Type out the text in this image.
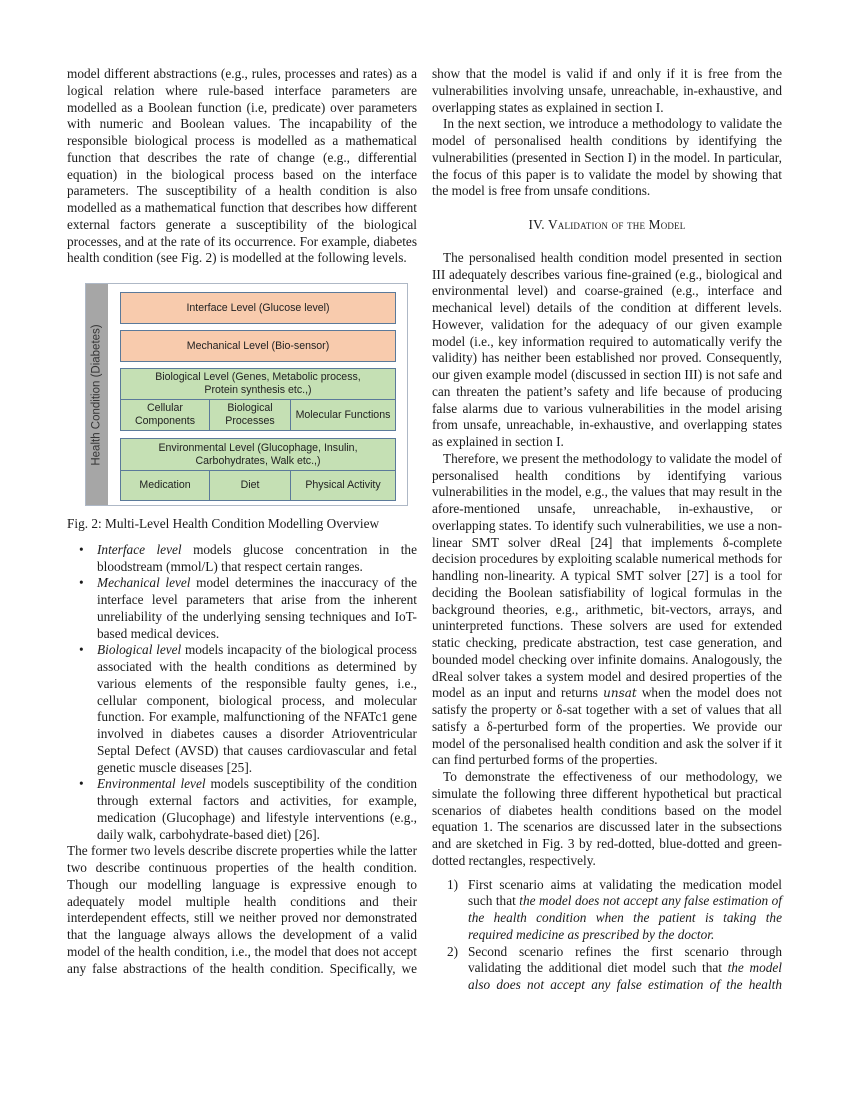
model different abstractions (e.g., rules, processes and rates) as a logical relation where rule-based interface parameters are modelled as a Boolean function (i.e, predicate) over parameters with numeric and Boolean values. The incapability of the responsible biological process is modelled as a mathematical function that describes the rate of change (e.g., differential equation) in the biological process based on the interface parameters. The susceptibility of a health condition is also modelled as a mathematical function that describes how different external factors generate a susceptibility of the biological processes, and at the rate of its occurrence. For example, diabetes health condition (see Fig. 2) is modelled at the following levels.

Health Condition (Diabetes)
Interface Level (Glucose level)
Mechanical Level (Bio-sensor)
Biological Level (Genes, Metabolic process, Protein synthesis etc.,)
Cellular Components
Biological Processes
Molecular Functions
Environmental Level (Glucophage, Insulin, Carbohydrates, Walk etc.,)
Medication	Diet	Physical Activity

Fig. 2: Multi-Level Health Condition Modelling Overview

• Interface level models glucose concentration in the bloodstream (mmol/L) that respect certain ranges.
• Mechanical level model determines the inaccuracy of the interface level parameters that arise from the inherent unreliability of the underlying sensing techniques and IoT-based medical devices.
• Biological level models incapacity of the biological process associated with the health conditions as determined by various elements of the responsible faulty genes, i.e., cellular component, biological process, and molecular function. For example, malfunctioning of the NFATc1 gene involved in diabetes causes a disorder Atrioventricular Septal Defect (AVSD) that causes cardiovascular and fetal genetic muscle diseases [25].
• Environmental level models susceptibility of the condition through external factors and activities, for example, medication (Glucophage) and lifestyle interventions (e.g., daily walk, carbohydrate-based diet) [26].

The former two levels describe discrete properties while the latter two describe continuous properties of the health condition. Though our modelling language is expressive enough to adequately model multiple health conditions and their interdependent effects, still we neither proved nor demonstrated that the language always allows the development of a valid model of the health condition, i.e., the model that does not accept any false abstractions of the health condition. Specifically, we

show that the model is valid if and only if it is free from the vulnerabilities involving unsafe, unreachable, in-exhaustive, and overlapping states as explained in section I.

In the next section, we introduce a methodology to validate the model of personalised health conditions by identifying the vulnerabilities (presented in Section I) in the model. In particular, the focus of this paper is to validate the model by showing that the model is free from unsafe conditions.

IV. Validation of the Model

The personalised health condition model presented in section III adequately describes various fine-grained (e.g., biological and environmental level) and coarse-grained (e.g., interface and mechanical level) details of the condition at different levels. However, validation for the adequacy of our given example model (i.e., key information required to automatically verify the validity) has neither been established nor proved. Consequently, our given example model (discussed in section III) is not safe and can threaten the patient’s safety and life because of producing false alarms due to various vulnerabilities in the model arising from unsafe, unreachable, in-exhaustive, and overlapping states as explained in section I.

Therefore, we present the methodology to validate the model of personalised health conditions by identifying various vulnerabilities in the model, e.g., the values that may result in the afore-mentioned unsafe, unreachable, in-exhaustive, or overlapping states. To identify such vulnerabilities, we use a non-linear SMT solver dReal [24] that implements δ-complete decision procedures by exploiting scalable numerical methods for handling non-linearity. A typical SMT solver [27] is a tool for deciding the Boolean satisfiability of logical formulas in the background theories, e.g., arithmetic, bit-vectors, arrays, and uninterpreted functions. These solvers are used for extended static checking, predicate abstraction, test case generation, and bounded model checking over infinite domains. Analogously, the dReal solver takes a system model and desired properties of the model as an input and returns unsat when the model does not satisfy the property or δ-sat together with a set of values that all satisfy a δ-perturbed form of the properties. We provide our model of the personalised health condition and ask the solver if it can find perturbed forms of the properties.

To demonstrate the effectiveness of our methodology, we simulate the following three different hypothetical but practical scenarios of diabetes health conditions based on the model equation 1. The scenarios are discussed later in the subsections and are sketched in Fig. 3 by red-dotted, blue-dotted and green-dotted rectangles, respectively.

1) First scenario aims at validating the medication model such that the model does not accept any false estimation of the health condition when the patient is taking the required medicine as prescribed by the doctor.
2) Second scenario refines the first scenario through validating the additional diet model such that the model also does not accept any false estimation of the health
